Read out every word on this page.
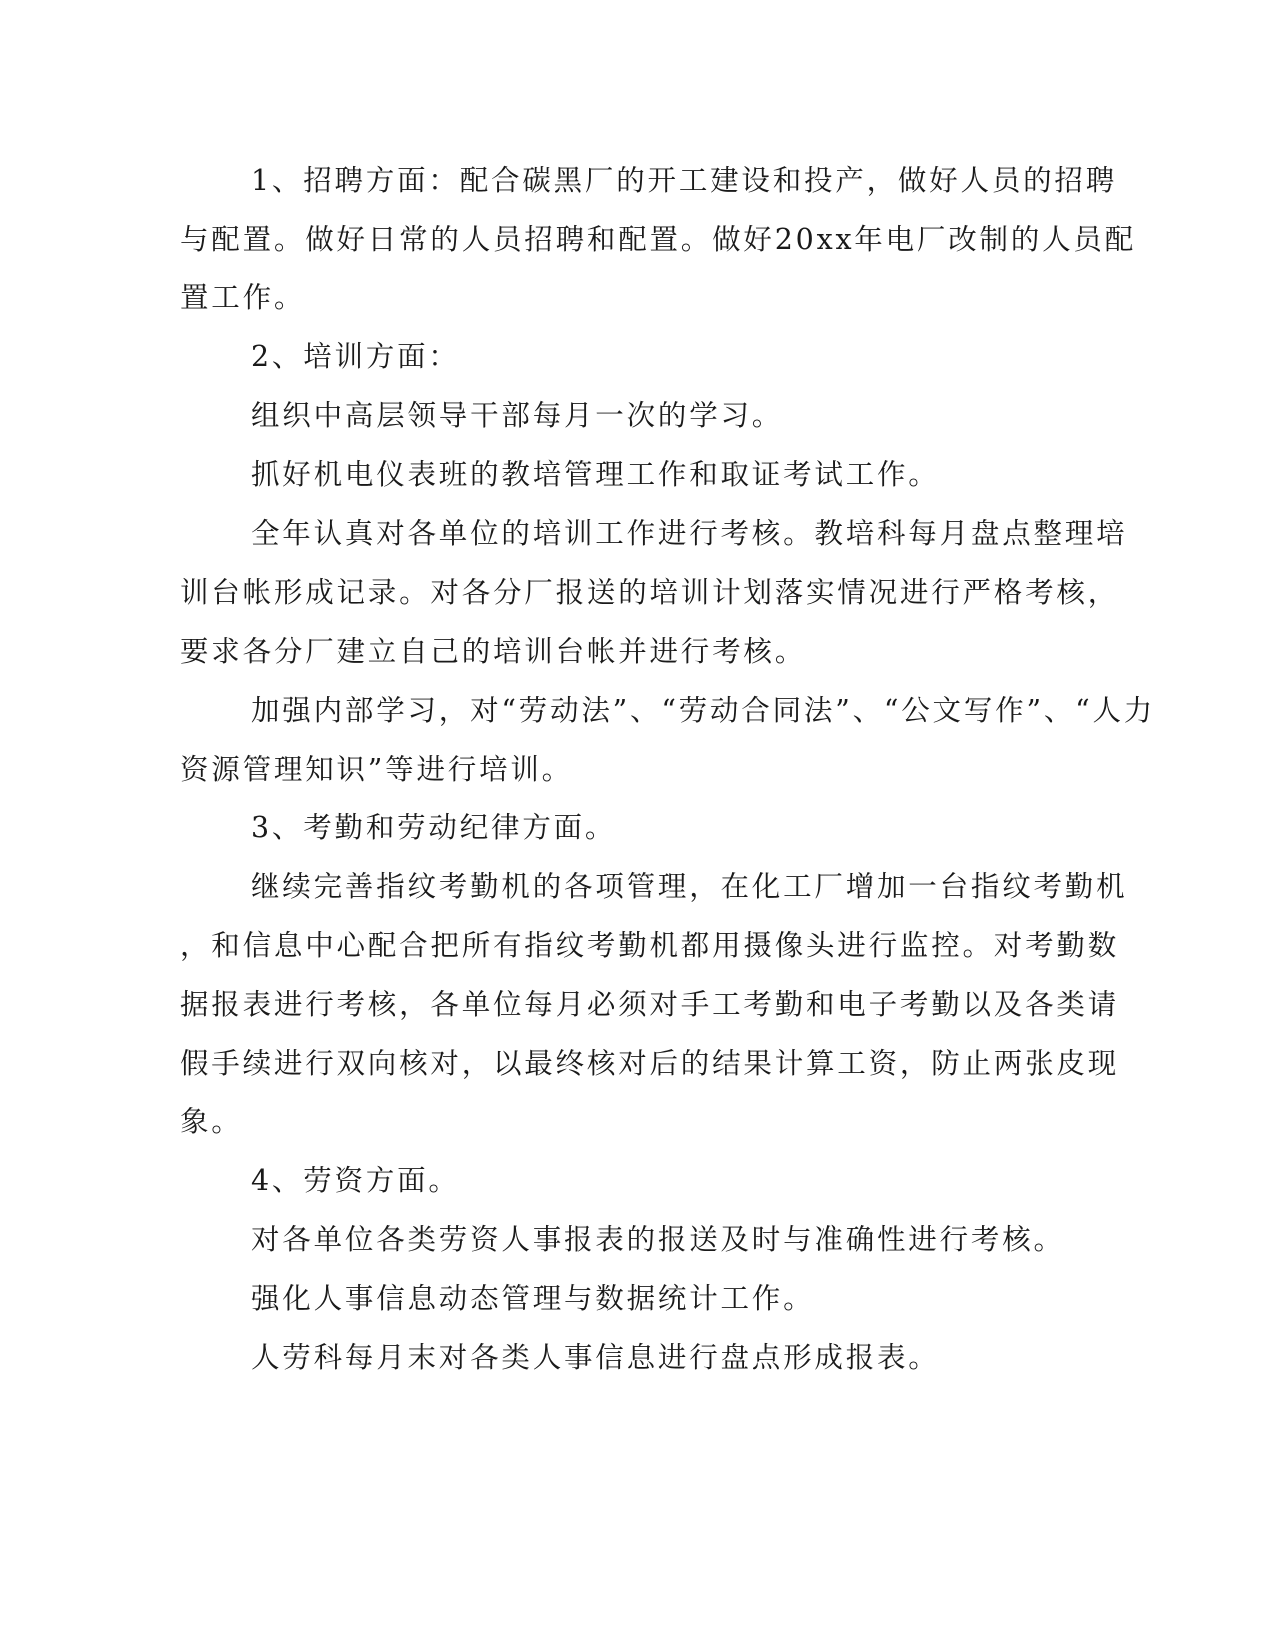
1、招聘方面：配合碳黑厂的开工建设和投产，做好人员的招聘
与配置。做好日常的人员招聘和配置。做好20xx年电厂改制的人员配
置工作。
2、培训方面：
组织中高层领导干部每月一次的学习。
抓好机电仪表班的教培管理工作和取证考试工作。
全年认真对各单位的培训工作进行考核。教培科每月盘点整理培
训台帐形成记录。对各分厂报送的培训计划落实情况进行严格考核，
要求各分厂建立自己的培训台帐并进行考核。
加强内部学习，对“劳动法”、“劳动合同法”、“公文写作”、“人力
资源管理知识”等进行培训。
3、考勤和劳动纪律方面。
继续完善指纹考勤机的各项管理，在化工厂增加一台指纹考勤机
，和信息中心配合把所有指纹考勤机都用摄像头进行监控。对考勤数
据报表进行考核，各单位每月必须对手工考勤和电子考勤以及各类请
假手续进行双向核对，以最终核对后的结果计算工资，防止两张皮现
象。
4、劳资方面。
对各单位各类劳资人事报表的报送及时与准确性进行考核。
强化人事信息动态管理与数据统计工作。
人劳科每月末对各类人事信息进行盘点形成报表。
